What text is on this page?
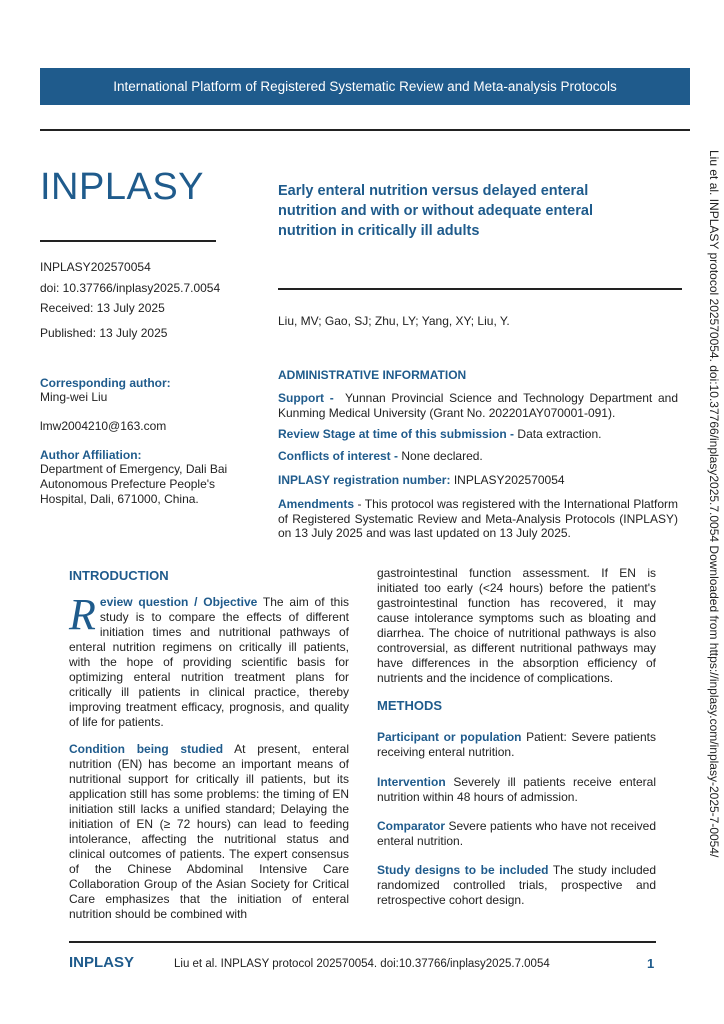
International Platform of Registered Systematic Review and Meta-analysis Protocols
INPLASY
INPLASY202570054
doi: 10.37766/inplasy2025.7.0054
Received: 13 July 2025
Published: 13 July 2025
Early enteral nutrition versus delayed enteral nutrition and with or without adequate enteral nutrition in critically ill adults
Liu, MV; Gao, SJ; Zhu, LY; Yang, XY; Liu, Y.
Corresponding author:
Ming-wei Liu
lmw2004210@163.com
Author Affiliation:
Department of Emergency, Dali Bai Autonomous Prefecture People's Hospital, Dali, 671000, China.
ADMINISTRATIVE INFORMATION
Support - Yunnan Provincial Science and Technology Department and Kunming Medical University (Grant No. 202201AY070001-091).
Review Stage at time of this submission - Data extraction.
Conflicts of interest - None declared.
INPLASY registration number: INPLASY202570054
Amendments - This protocol was registered with the International Platform of Registered Systematic Review and Meta-Analysis Protocols (INPLASY) on 13 July 2025 and was last updated on 13 July 2025.
INTRODUCTION
Review question / Objective The aim of this study is to compare the effects of different initiation times and nutritional pathways of enteral nutrition regimens on critically ill patients, with the hope of providing scientific basis for optimizing enteral nutrition treatment plans for critically ill patients in clinical practice, thereby improving treatment efficacy, prognosis, and quality of life for patients.
Condition being studied At present, enteral nutrition (EN) has become an important means of nutritional support for critically ill patients, but its application still has some problems: the timing of EN initiation still lacks a unified standard; Delaying the initiation of EN (≥ 72 hours) can lead to feeding intolerance, affecting the nutritional status and clinical outcomes of patients. The expert consensus of the Chinese Abdominal Intensive Care Collaboration Group of the Asian Society for Critical Care emphasizes that the initiation of enteral nutrition should be combined with
gastrointestinal function assessment. If EN is initiated too early (<24 hours) before the patient's gastrointestinal function has recovered, it may cause intolerance symptoms such as bloating and diarrhea. The choice of nutritional pathways is also controversial, as different nutritional pathways may have differences in the absorption efficiency of nutrients and the incidence of complications.
METHODS
Participant or population Patient: Severe patients receiving enteral nutrition.
Intervention Severely ill patients receive enteral nutrition within 48 hours of admission.
Comparator Severe patients who have not received enteral nutrition.
Study designs to be included The study included randomized controlled trials, prospective and retrospective cohort design.
Liu et al. INPLASY protocol 202570054. doi:10.37766/inplasy2025.7.0054 Downloaded from https://inplasy.com/inplasy-2025-7-0054/
INPLASY	Liu et al. INPLASY protocol 202570054. doi:10.37766/inplasy2025.7.0054	1
